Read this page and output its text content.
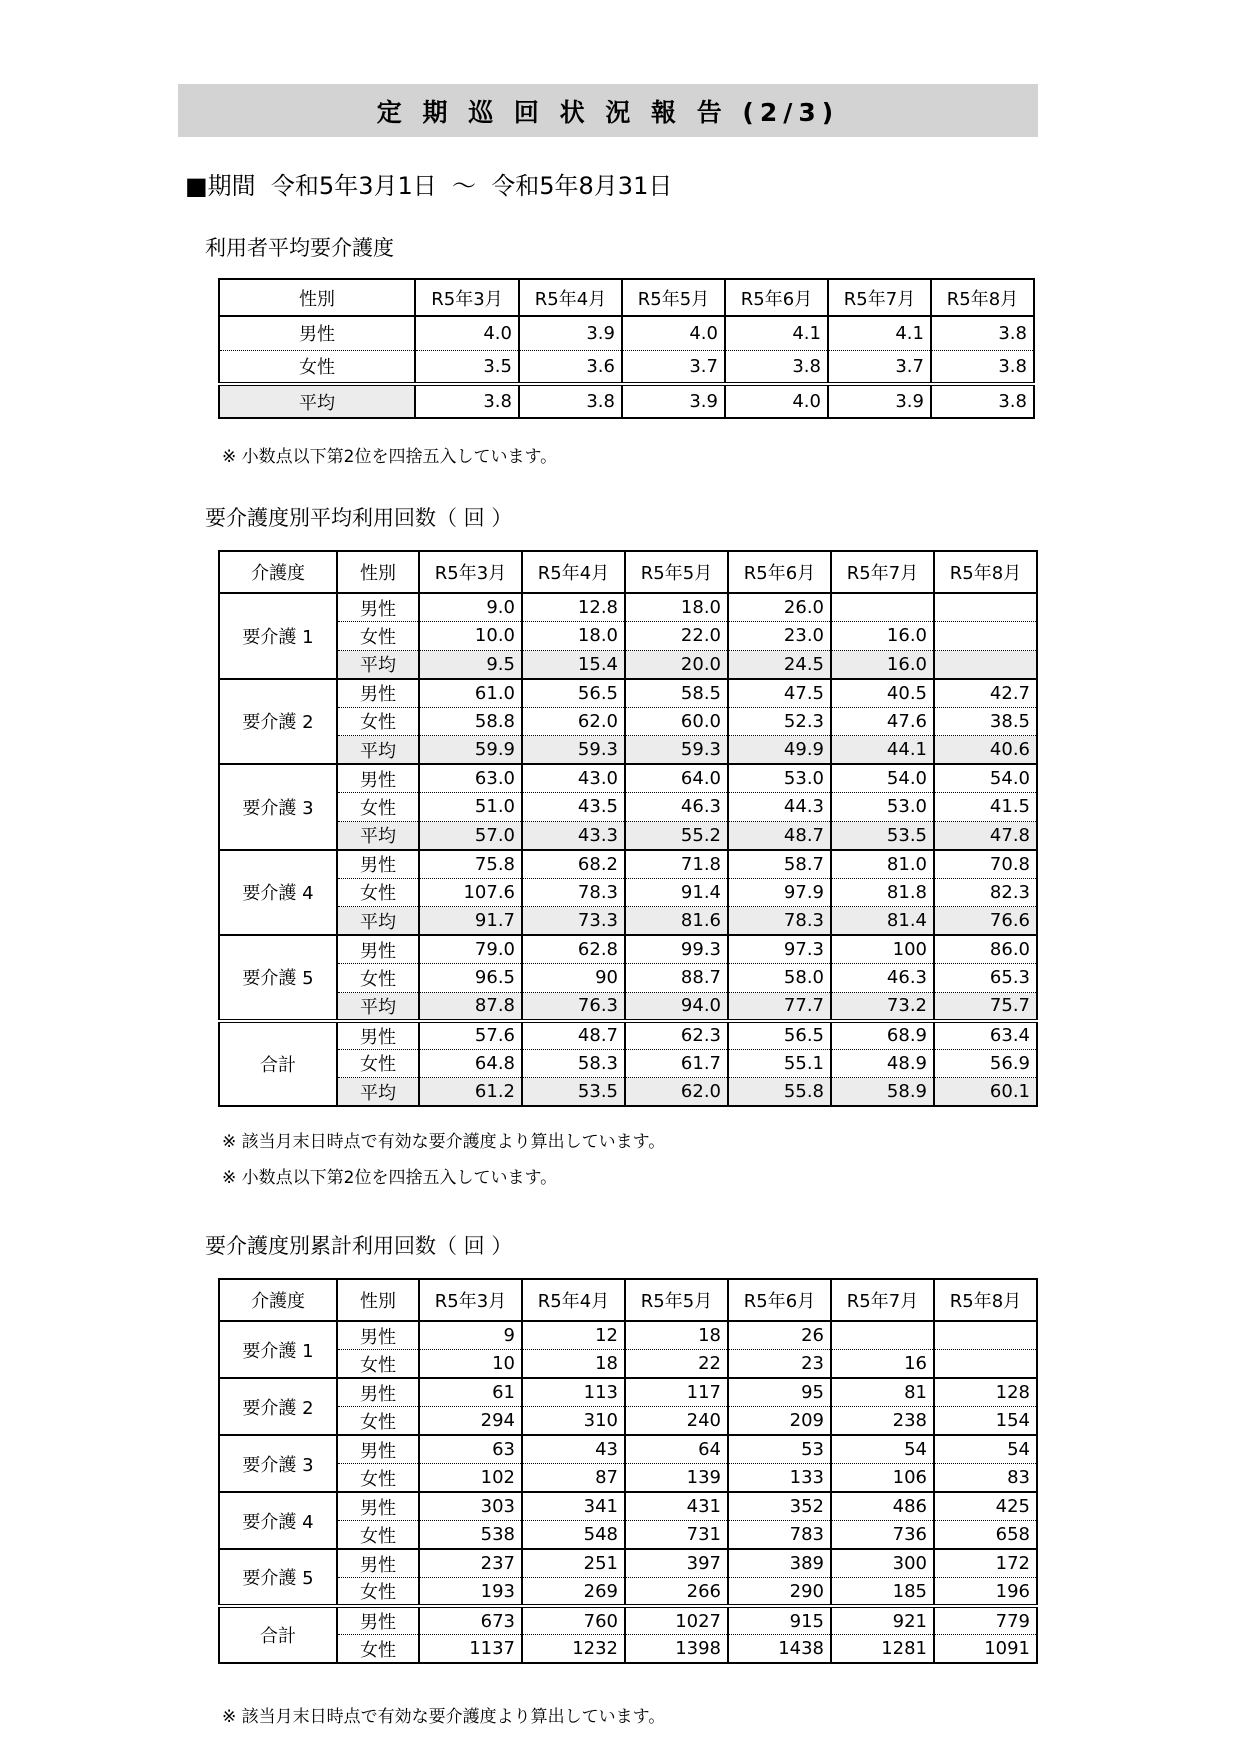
定 期 巡 回 状 況 報 告 (2/3)
■期間  令和5年3月1日  ～  令和5年8月31日
利用者平均要介護度
性別	R5年3月	R5年4月	R5年5月	R5年6月	R5年7月	R5年8月
男性	4.0	3.9	4.0	4.1	4.1	3.8
女性	3.5	3.6	3.7	3.8	3.7	3.8
平均	3.8	3.8	3.9	4.0	3.9	3.8
※ 小数点以下第2位を四捨五入しています。
要介護度別平均利用回数（ 回 ）
介護度	性別	R5年3月	R5年4月	R5年5月	R5年6月	R5年7月	R5年8月
要介護 1	男性	9.0	12.8	18.0	26.0		
	女性	10.0	18.0	22.0	23.0	16.0	
	平均	9.5	15.4	20.0	24.5	16.0	
要介護 2	男性	61.0	56.5	58.5	47.5	40.5	42.7
	女性	58.8	62.0	60.0	52.3	47.6	38.5
	平均	59.9	59.3	59.3	49.9	44.1	40.6
要介護 3	男性	63.0	43.0	64.0	53.0	54.0	54.0
	女性	51.0	43.5	46.3	44.3	53.0	41.5
	平均	57.0	43.3	55.2	48.7	53.5	47.8
要介護 4	男性	75.8	68.2	71.8	58.7	81.0	70.8
	女性	107.6	78.3	91.4	97.9	81.8	82.3
	平均	91.7	73.3	81.6	78.3	81.4	76.6
要介護 5	男性	79.0	62.8	99.3	97.3	100	86.0
	女性	96.5	90	88.7	58.0	46.3	65.3
	平均	87.8	76.3	94.0	77.7	73.2	75.7
合計	男性	57.6	48.7	62.3	56.5	68.9	63.4
	女性	64.8	58.3	61.7	55.1	48.9	56.9
	平均	61.2	53.5	62.0	55.8	58.9	60.1
※ 該当月末日時点で有効な要介護度より算出しています。
※ 小数点以下第2位を四捨五入しています。
要介護度別累計利用回数（ 回 ）
介護度	性別	R5年3月	R5年4月	R5年5月	R5年6月	R5年7月	R5年8月
要介護 1	男性	9	12	18	26		
	女性	10	18	22	23	16	
要介護 2	男性	61	113	117	95	81	128
	女性	294	310	240	209	238	154
要介護 3	男性	63	43	64	53	54	54
	女性	102	87	139	133	106	83
要介護 4	男性	303	341	431	352	486	425
	女性	538	548	731	783	736	658
要介護 5	男性	237	251	397	389	300	172
	女性	193	269	266	290	185	196
合計	男性	673	760	1027	915	921	779
	女性	1137	1232	1398	1438	1281	1091
※ 該当月末日時点で有効な要介護度より算出しています。
